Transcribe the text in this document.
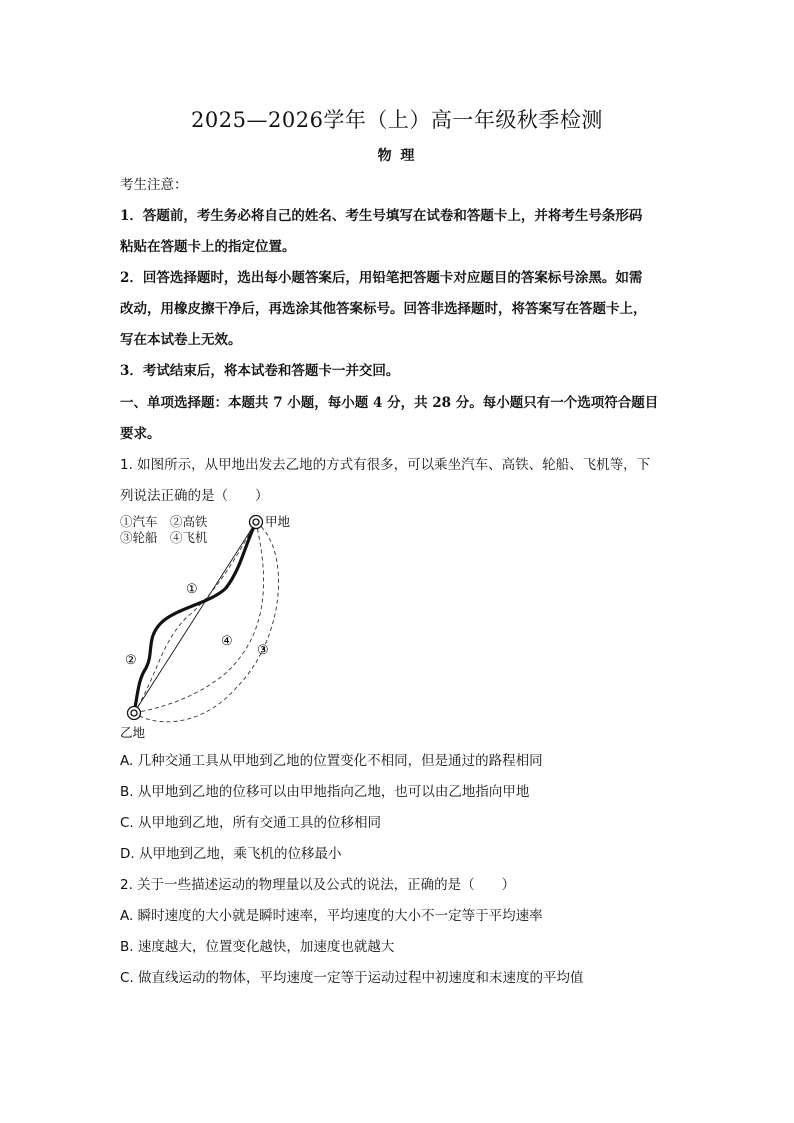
2025—2026学年（上）高一年级秋季检测
物 理
考生注意：
1．答题前，考生务必将自己的姓名、考生号填写在试卷和答题卡上，并将考生号条形码
粘贴在答题卡上的指定位置。
2．回答选择题时，选出每小题答案后，用铅笔把答题卡对应题目的答案标号涂黑。如需
改动，用橡皮擦干净后，再选涂其他答案标号。回答非选择题时，将答案写在答题卡上，
写在本试卷上无效。
3．考试结束后，将本试卷和答题卡一并交回。
一、单项选择题：本题共 7 小题，每小题 4 分，共 28 分。每小题只有一个选项符合题目
要求。
1. 如图所示，从甲地出发去乙地的方式有很多，可以乘坐汽车、高铁、轮船、飞机等，下
列说法正确的是（　　）
①汽车　②高铁
③轮船　④飞机
甲地
乙地
①
②
③
④
A. 几种交通工具从甲地到乙地的位置变化不相同，但是通过的路程相同
B. 从甲地到乙地的位移可以由甲地指向乙地，也可以由乙地指向甲地
C. 从甲地到乙地，所有交通工具的位移相同
D. 从甲地到乙地，乘飞机的位移最小
2. 关于一些描述运动的物理量以及公式的说法，正确的是（　　）
A. 瞬时速度的大小就是瞬时速率，平均速度的大小不一定等于平均速率
B. 速度越大，位置变化越快，加速度也就越大
C. 做直线运动的物体，平均速度一定等于运动过程中初速度和末速度的平均值
